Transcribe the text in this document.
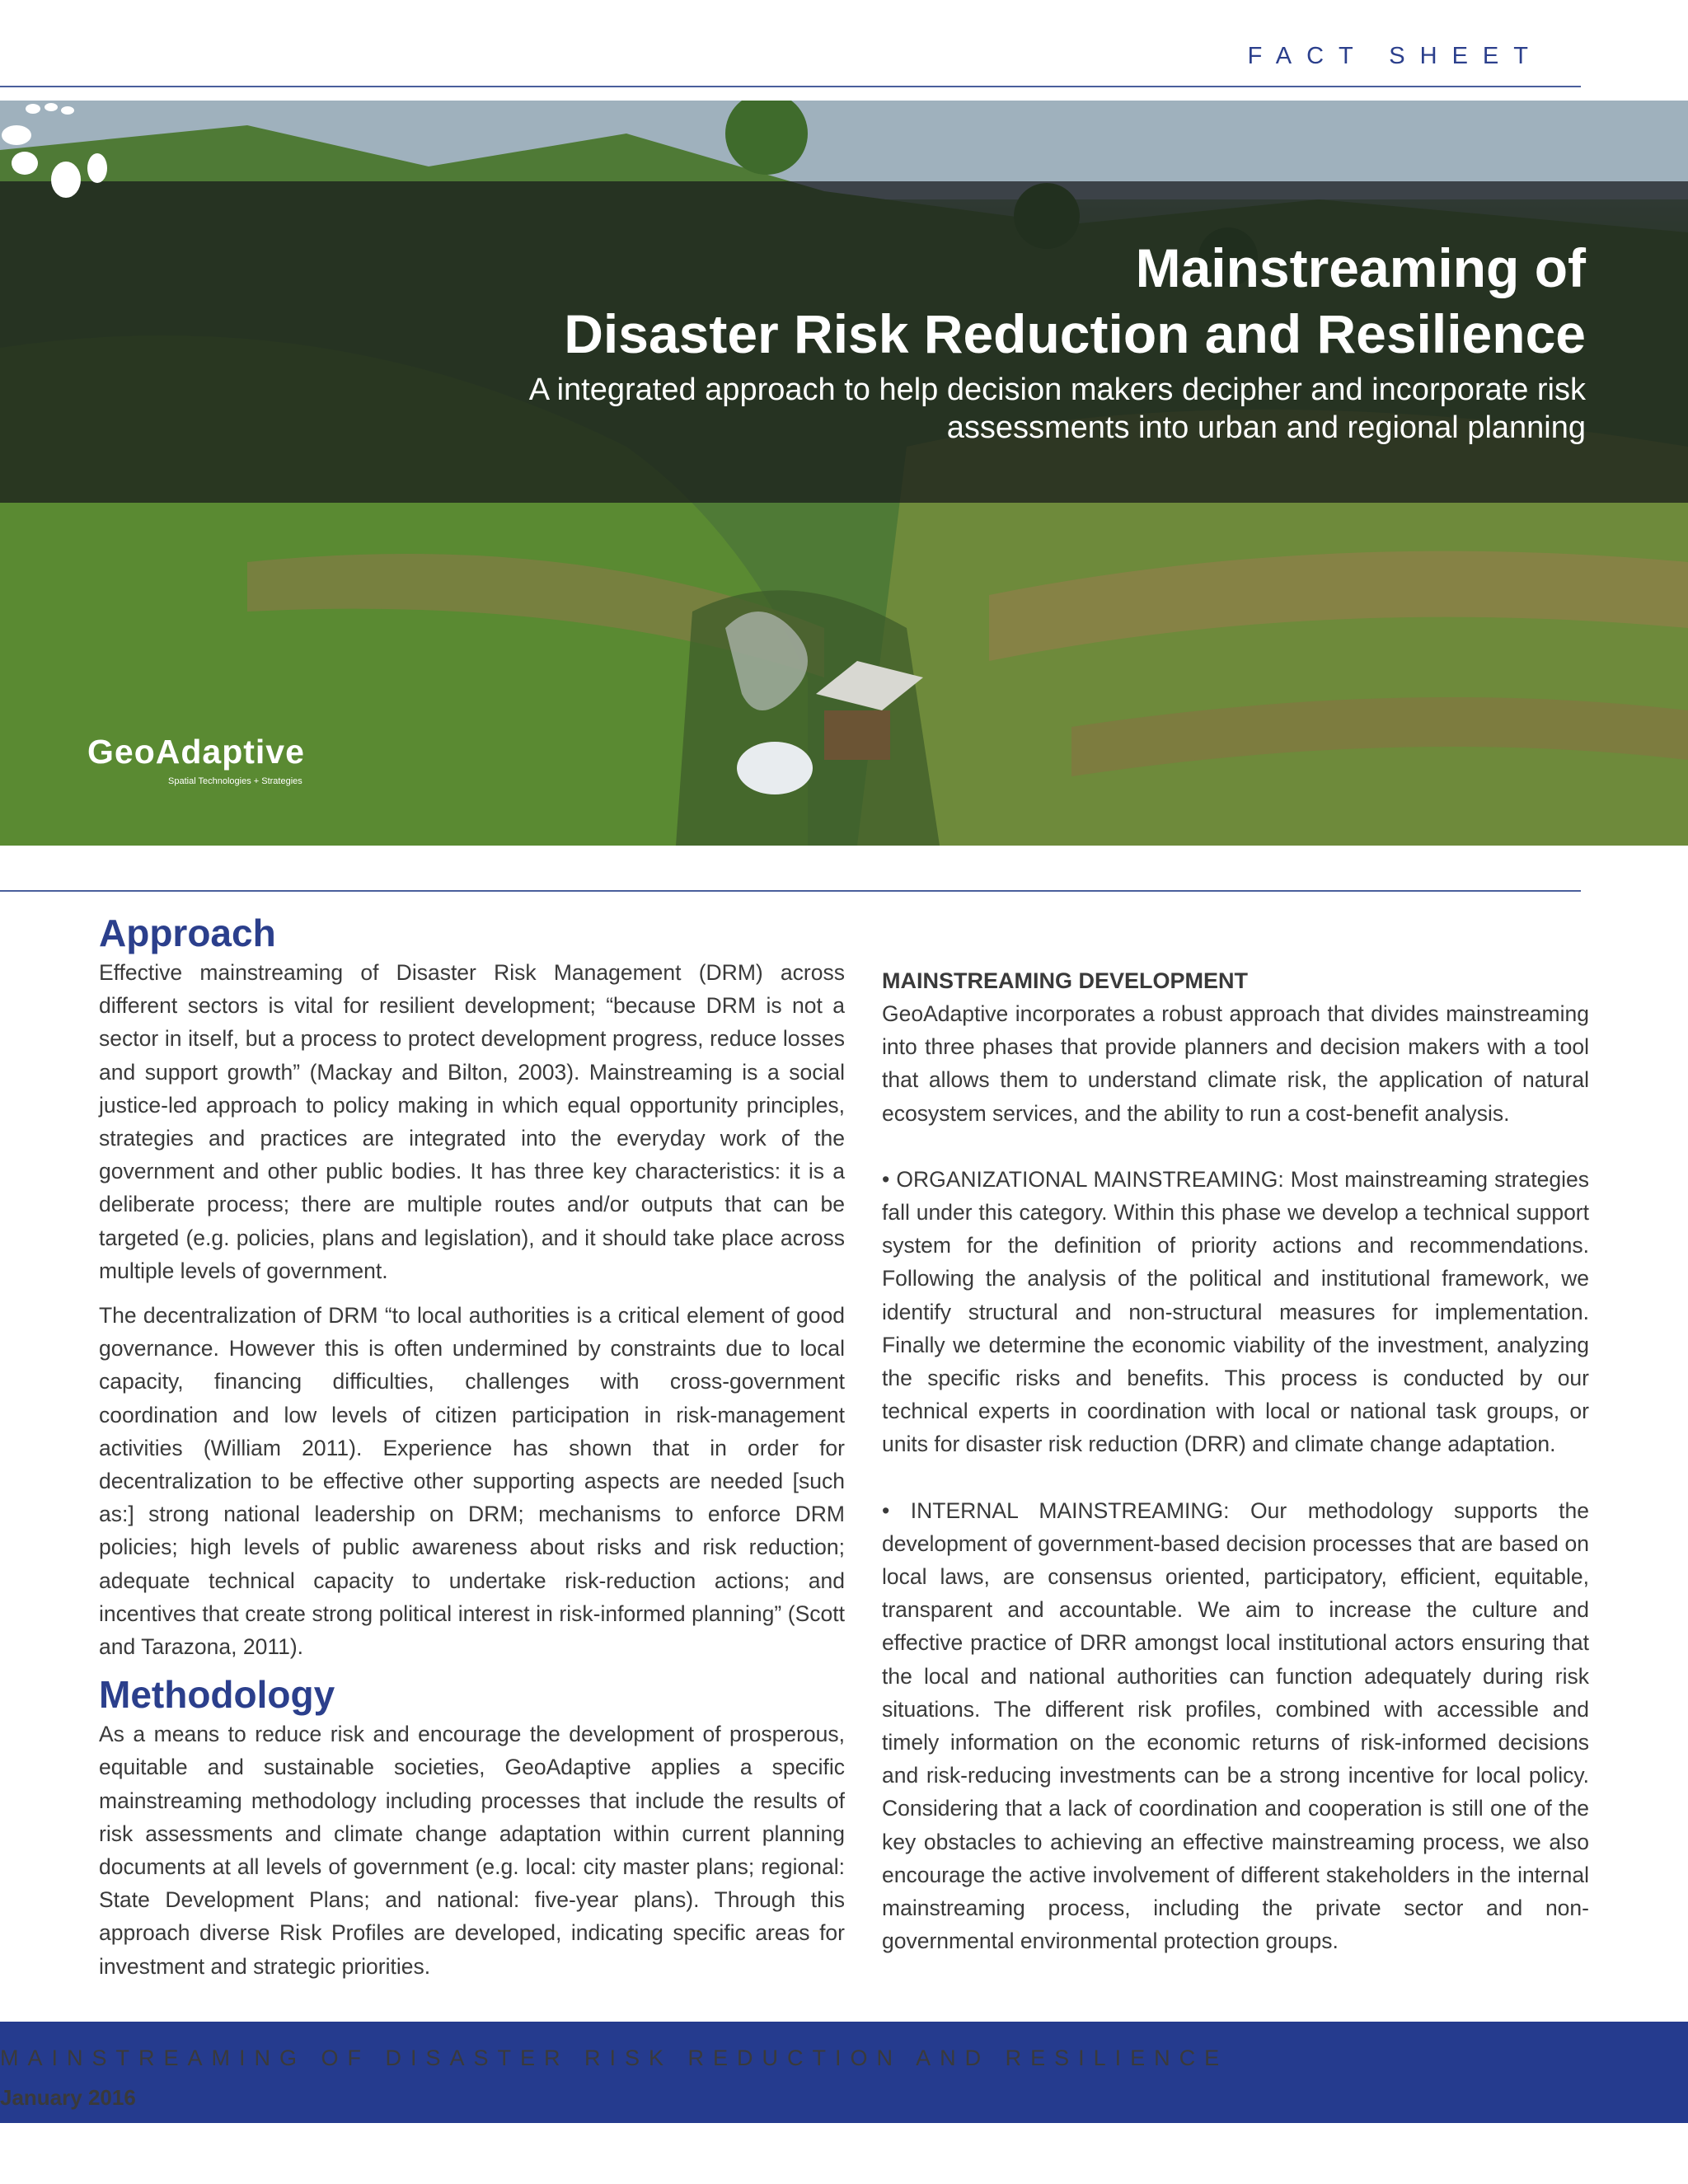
FACT SHEET
Mainstreaming of
Disaster Risk Reduction and Resilience

A integrated approach to help decision makers decipher and incorporate risk assessments into urban and regional planning

GeoAdaptive

Spatial Technologies + Strategies
Approach

Effective mainstreaming of Disaster Risk Management (DRM) across different sectors is vital for resilient development; “because DRM is not a sector in itself, but a process to protect development progress, reduce losses and support growth” (Mackay and Bilton, 2003). Mainstreaming is a social justice-led approach to policy making in which equal opportunity principles, strategies and practices are integrated into the everyday work of the government and other public bodies. It has three key characteristics: it is a deliberate process; there are multiple routes and/or outputs that can be targeted (e.g. policies, plans and legislation), and it should take place across multiple levels of government.

The decentralization of DRM “to local authorities is a critical element of good governance. However this is often undermined by constraints due to local capacity, financing difficulties, challenges with cross-government coordination and low levels of citizen participation in risk-management activities (William 2011). Experience has shown that in order for decentralization to be effective other supporting aspects are needed [such as:] strong national leadership on DRM; mechanisms to enforce DRM policies; high levels of public awareness about risks and risk reduction; adequate technical capacity to undertake risk-reduction actions; and incentives that create strong political interest in risk-informed planning” (Scott and Tarazona, 2011).

Methodology

As a means to reduce risk and encourage the development of prosperous, equitable and sustainable societies, GeoAdaptive applies a specific mainstreaming methodology including processes that include the results of risk assessments and climate change adaptation within current planning documents at all levels of government (e.g. local: city master plans; regional: State Development Plans; and national: five-year plans). Through this approach diverse Risk Profiles are developed, indicating specific areas for investment and strategic priorities.

MAINSTREAMING DEVELOPMENT

GeoAdaptive incorporates a robust approach that divides mainstreaming into three phases that provide planners and decision makers with a tool that allows them to understand climate risk, the application of natural ecosystem services, and the ability to run a cost-benefit analysis.

• ORGANIZATIONAL MAINSTREAMING: Most mainstreaming strategies fall under this category. Within this phase we develop a technical support system for the definition of priority actions and recommendations. Following the analysis of the political and institutional framework, we identify structural and non-structural measures for implementation. Finally we determine the economic viability of the investment, analyzing the specific risks and benefits. This process is conducted by our technical experts in coordination with local or national task groups, or units for disaster risk reduction (DRR) and climate change adaptation.

• INTERNAL MAINSTREAMING: Our methodology supports the development of government-based decision processes that are based on local laws, are consensus oriented, participatory, efficient, equitable, transparent and accountable. We aim to increase the culture and effective practice of DRR amongst local institutional actors ensuring that the local and national authorities can function adequately during risk situations. The different risk profiles, combined with accessible and timely information on the economic returns of risk-informed decisions and risk-reducing investments can be a strong incentive for local policy. Considering that a lack of coordination and cooperation is still one of the key obstacles to achieving an effective mainstreaming process, we also encourage the active involvement of different stakeholders in the internal mainstreaming process, including the private sector and non-governmental environmental protection groups.

MAINSTREAMING OF DISASTER RISK REDUCTION AND RESILIENCE

January 2016
